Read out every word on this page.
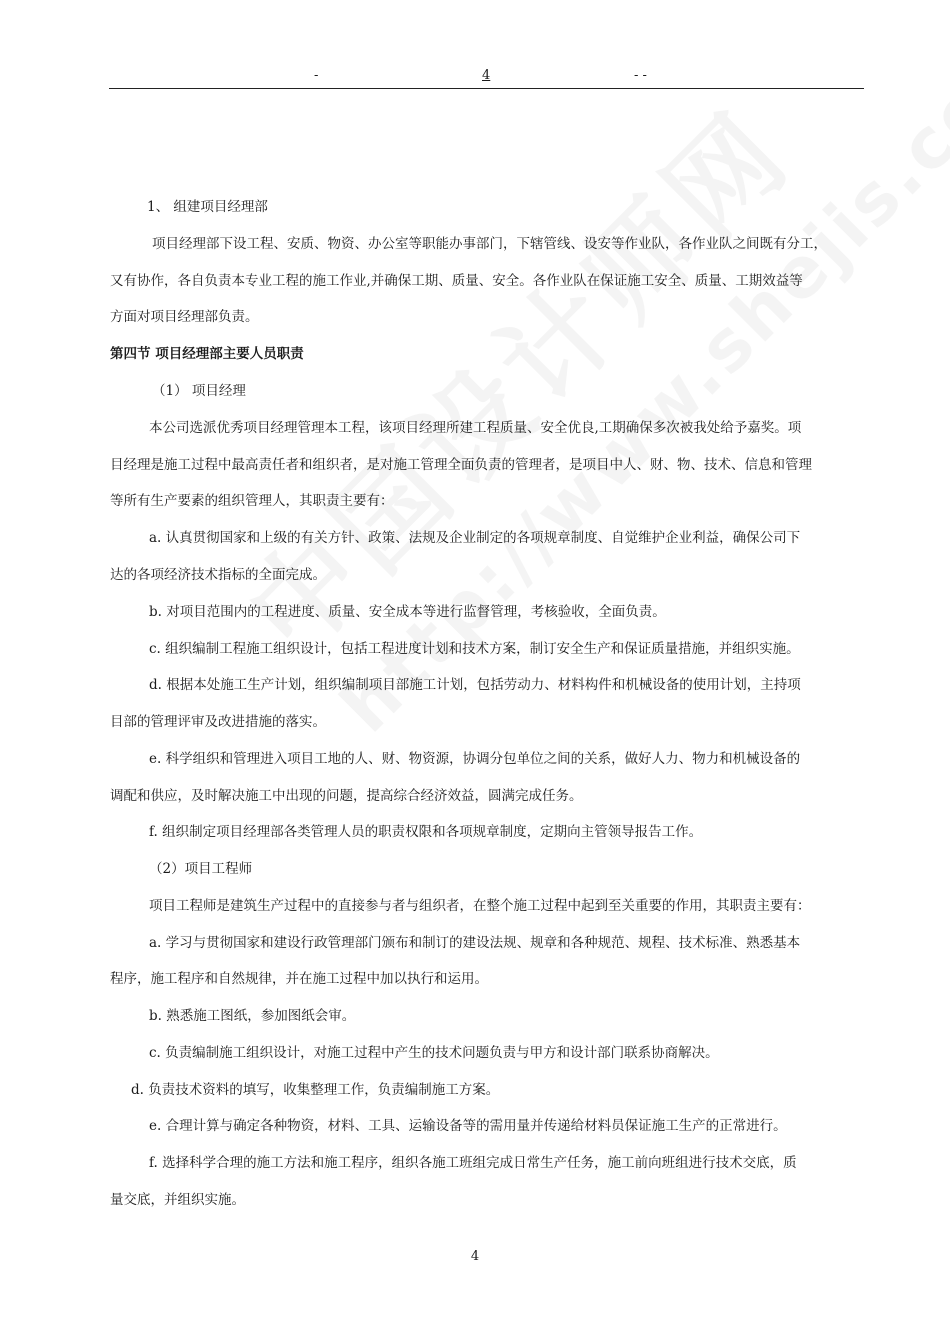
-	4	- -
1、 组建项目经理部
项目经理部下设工程、安质、物资、办公室等职能办事部门，下辖管线、设安等作业队，各作业队之间既有分工，
又有协作，各自负责本专业工程的施工作业,并确保工期、质量、安全。各作业队在保证施工安全、质量、工期效益等
方面对项目经理部负责。
第四节 项目经理部主要人员职责
（1） 项目经理
本公司选派优秀项目经理管理本工程，该项目经理所建工程质量、安全优良,工期确保多次被我处给予嘉奖。项
目经理是施工过程中最高责任者和组织者，是对施工管理全面负责的管理者，是项目中人、财、物、技术、信息和管理
等所有生产要素的组织管理人，其职责主要有：
a. 认真贯彻国家和上级的有关方针、政策、法规及企业制定的各项规章制度、自觉维护企业利益，确保公司下
达的各项经济技术指标的全面完成。
b. 对项目范围内的工程进度、质量、安全成本等进行监督管理，考核验收，全面负责。
c. 组织编制工程施工组织设计，包括工程进度计划和技术方案，制订安全生产和保证质量措施，并组织实施。
d. 根据本处施工生产计划，组织编制项目部施工计划，包括劳动力、材料构件和机械设备的使用计划，主持项
目部的管理评审及改进措施的落实。
e. 科学组织和管理进入项目工地的人、财、物资源，协调分包单位之间的关系，做好人力、物力和机械设备的
调配和供应，及时解决施工中出现的问题，提高综合经济效益，圆满完成任务。
f. 组织制定项目经理部各类管理人员的职责权限和各项规章制度，定期向主管领导报告工作。
（2）项目工程师
项目工程师是建筑生产过程中的直接参与者与组织者，在整个施工过程中起到至关重要的作用，其职责主要有：
a. 学习与贯彻国家和建设行政管理部门颁布和制订的建设法规、规章和各种规范、规程、技术标准、熟悉基本
程序，施工程序和自然规律，并在施工过程中加以执行和运用。
b. 熟悉施工图纸，参加图纸会审。
c. 负责编制施工组织设计，对施工过程中产生的技术问题负责与甲方和设计部门联系协商解决。
d. 负责技术资料的填写，收集整理工作，负责编制施工方案。
e. 合理计算与确定各种物资，材料、工具、运输设备等的需用量并传递给材料员保证施工生产的正常进行。
f. 选择科学合理的施工方法和施工程序，组织各施工班组完成日常生产任务，施工前向班组进行技术交底，质
量交底，并组织实施。
4
